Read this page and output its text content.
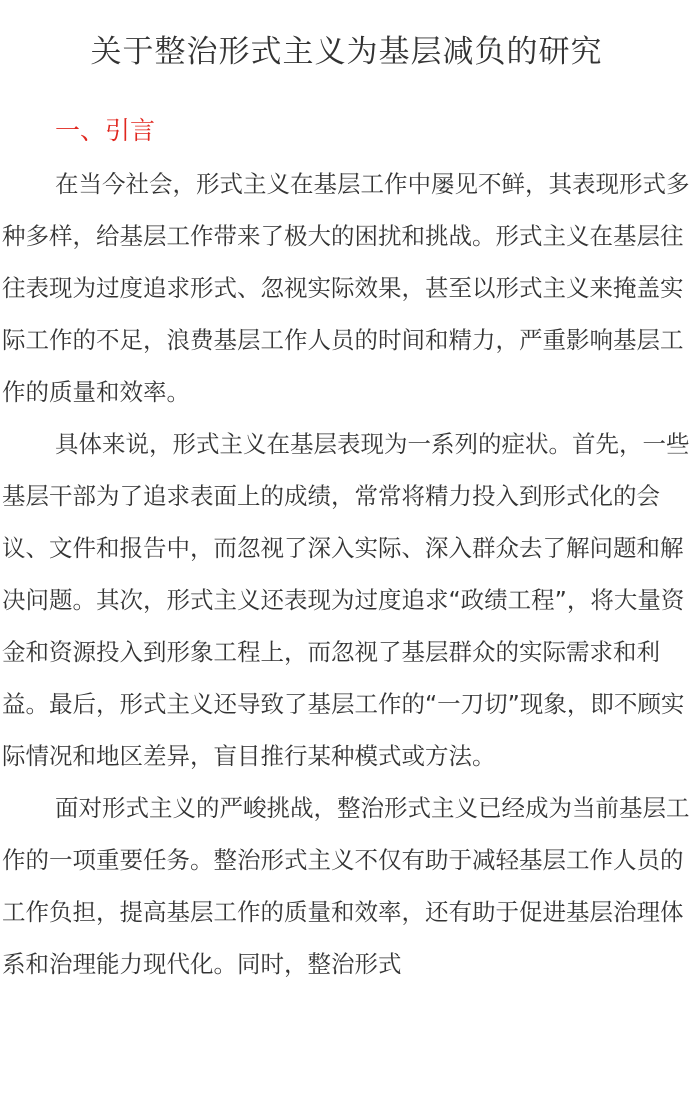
关于整治形式主义为基层减负的研究
一、引言

在当今社会，形式主义在基层工作中屡见不鲜，其表现形式多种多样，给基层工作带来了极大的困扰和挑战。形式主义在基层往往表现为过度追求形式、忽视实际效果，甚至以形式主义来掩盖实际工作的不足，浪费基层工作人员的时间和精力，严重影响基层工作的质量和效率。

具体来说，形式主义在基层表现为一系列的症状。首先，一些基层干部为了追求表面上的成绩，常常将精力投入到形式化的会议、文件和报告中，而忽视了深入实际、深入群众去了解问题和解决问题。其次，形式主义还表现为过度追求“政绩工程”，将大量资金和资源投入到形象工程上，而忽视了基层群众的实际需求和利益。最后，形式主义还导致了基层工作的“一刀切”现象，即不顾实际情况和地区差异，盲目推行某种模式或方法。

面对形式主义的严峻挑战，整治形式主义已经成为当前基层工作的一项重要任务。整治形式主义不仅有助于减轻基层工作人员的工作负担，提高基层工作的质量和效率，还有助于促进基层治理体系和治理能力现代化。同时，整治形式
